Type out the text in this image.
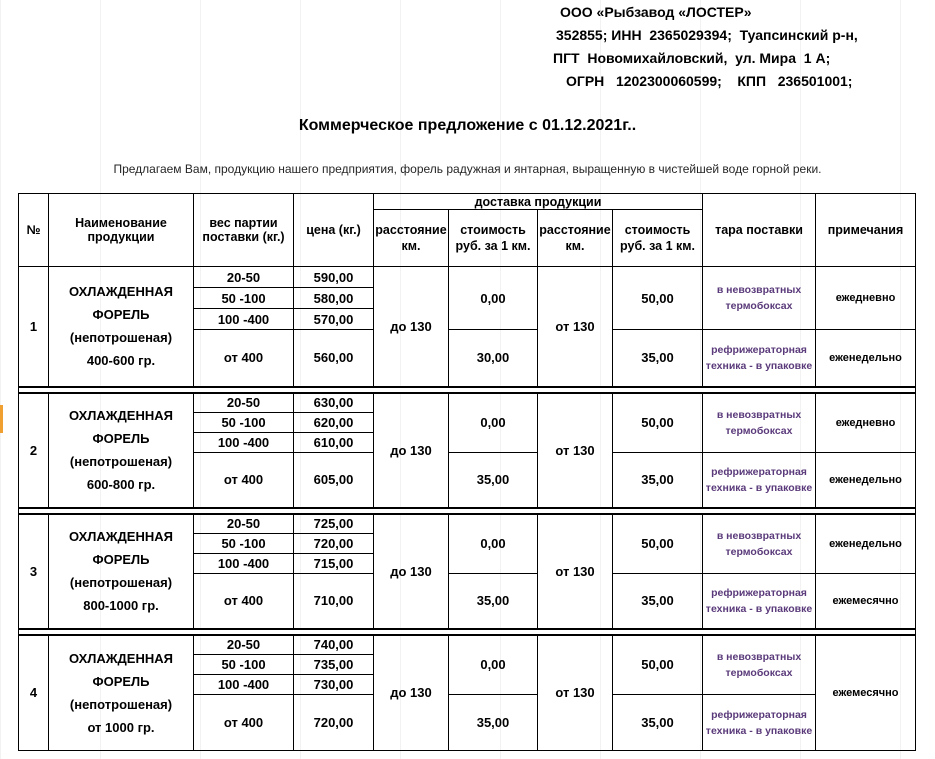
ООО «Рыбзавод «ЛОСТЕР»
352855; ИНН  2365029394;  Туапсинский р-н,
ПГТ  Новомихайловский,  ул. Мира  1 А;
ОГРН   1202300060599;    КПП   236501001;
Коммерческое предложение с 01.12.2021г..
Предлагаем Вам, продукцию нашего предприятия, форель радужная и янтарная, выращенную в чистейшей воде горной реки.
№	Наименование продукции	вес партии поставки (кг.)	цена (кг.)	доставка продукции				тара поставки	примечания
				расстояние км.	стоимость руб. за 1 км.	расстояние км.	стоимость руб. за 1 км.		
1	ОХЛАЖДЕННАЯ
ФОРЕЛЬ
(непотрошеная)
400-600 гр.	20-50	590,00	до 130	0,00	от 130	50,00	в невозвратных термобоксах	ежедневно
		50 -100	580,00						
		100 -400	570,00						
		от 400	560,00		30,00		35,00	рефрижераторная техника - в упаковке	еженедельно

2	ОХЛАЖДЕННАЯ
ФОРЕЛЬ
(непотрошеная)
600-800 гр.	20-50	630,00	до 130	0,00	от 130	50,00	в невозвратных термобоксах	ежедневно
		50 -100	620,00						
		100 -400	610,00						
		от 400	605,00		35,00		35,00	рефрижераторная техника - в упаковке	еженедельно

3	ОХЛАЖДЕННАЯ
ФОРЕЛЬ
(непотрошеная)
800-1000 гр.	20-50	725,00	до 130	0,00	от 130	50,00	в невозвратных термобоксах	еженедельно
		50 -100	720,00						
		100 -400	715,00						
		от 400	710,00		35,00		35,00	рефрижераторная техника - в упаковке	ежемесячно

4	ОХЛАЖДЕННАЯ
ФОРЕЛЬ
(непотрошеная)
от 1000 гр.	20-50	740,00	до 130	0,00	от 130	50,00	в невозвратных термобоксах	ежемесячно
		50 -100	735,00						
		100 -400	730,00						
		от 400	720,00		35,00		35,00	рефрижераторная техника - в упаковке	
